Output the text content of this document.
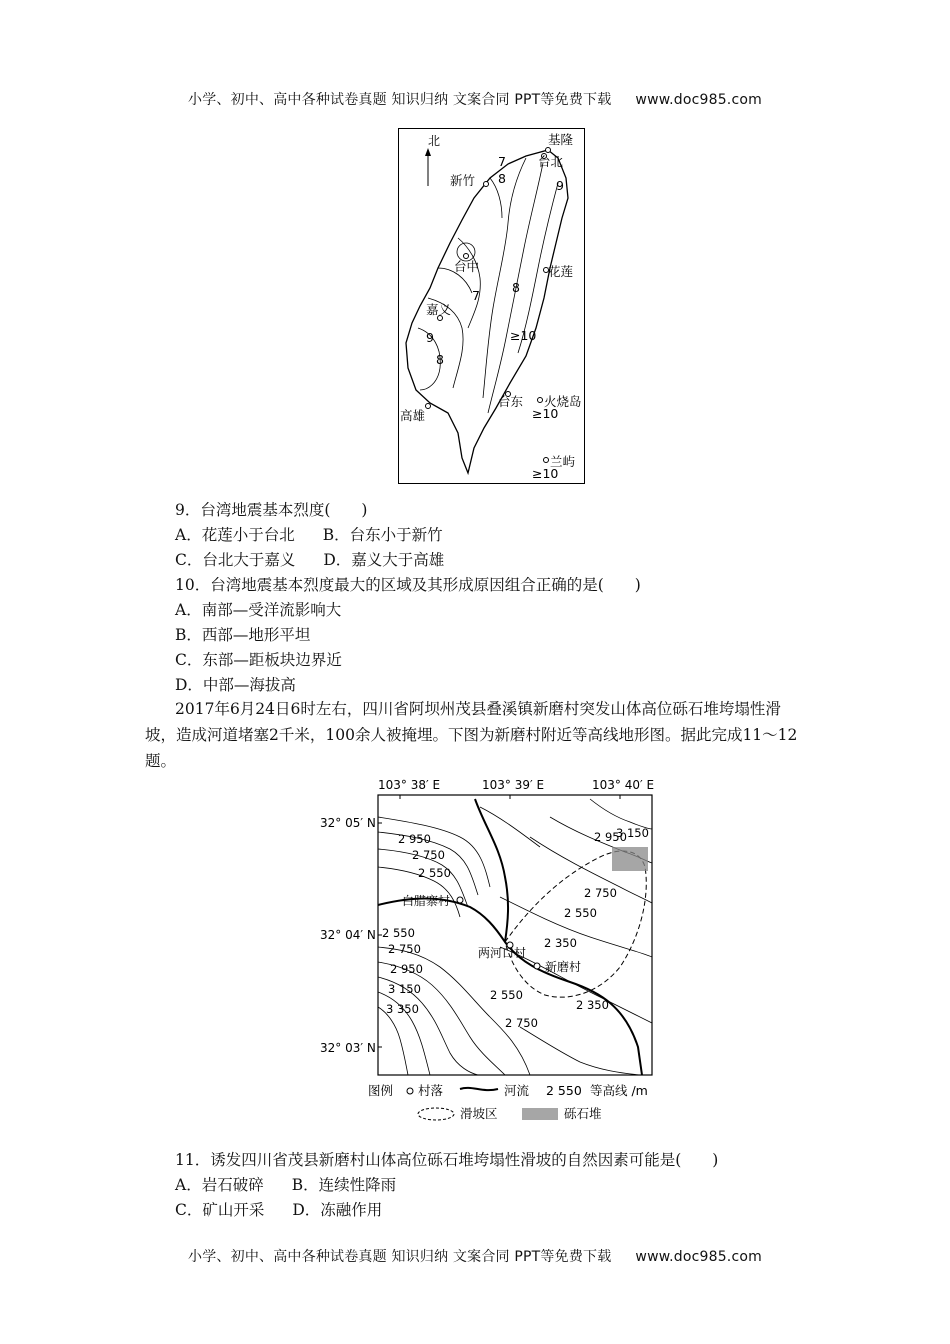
小学、初中、高中各种试卷真题 知识归纳 文案合同 PPT等免费下载 www.doc985.com
北	基隆
台北
新竹
台中	花莲
嘉义
高雄
台东 火烧岛
兰屿
7
8	9
7
8
9
8
≥10
≥10
≥10
9．台湾地震基本烈度(　　)
A．花莲小于台北 B．台东小于新竹
C．台北大于嘉义 D．嘉义大于高雄
10．台湾地震基本烈度最大的区域及其形成原因组合正确的是(　　)
A．南部—受洋流影响大
B．西部—地形平坦
C．东部—距板块边界近
D．中部—海拔高
2017年6月24日6时左右，四川省阿坝州茂县叠溪镇新磨村突发山体高位砾石堆垮塌性滑坡，造成河道堵塞2千米，100余人被掩埋。下图为新磨村附近等高线地形图。据此完成11～12题。
103° 38′ E	103° 39′ E	103° 40′ E
32° 05′ N
32° 04′ N
32° 03′ N
白腊寨村
两河口村
新磨村
2 950
2 750
2 550
2 550
2 750
2 950
3 150
3 350
2 550
2 750
2 350
2 350
2 550
2 750
2 950
3 150
图例 村落	河流 2 550 等高线 /m
滑坡区	砾石堆
11．诱发四川省茂县新磨村山体高位砾石堆垮塌性滑坡的自然因素可能是(　　)
A．岩石破碎 B．连续性降雨
C．矿山开采 D．冻融作用
小学、初中、高中各种试卷真题 知识归纳 文案合同 PPT等免费下载 www.doc985.com
